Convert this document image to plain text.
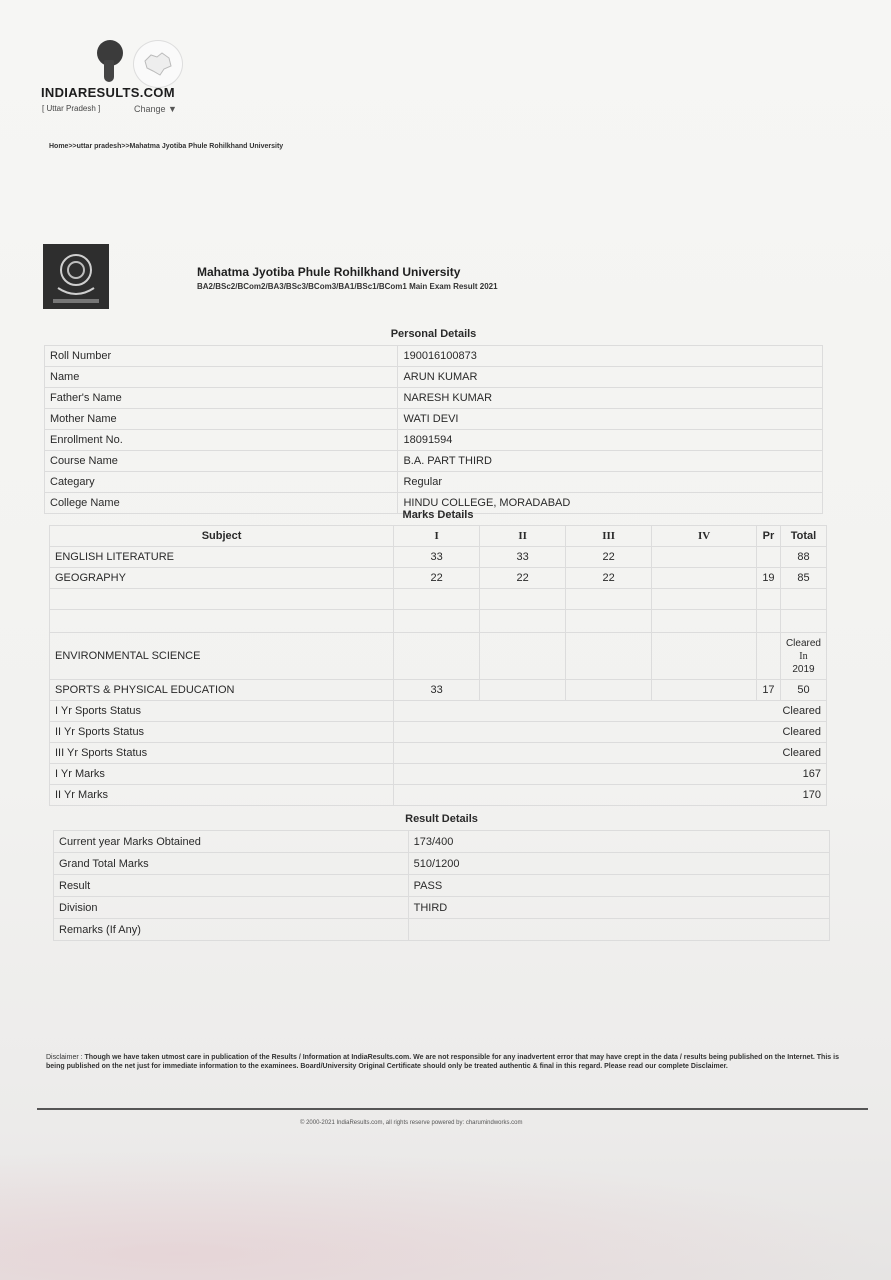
INDIARESULTS.COM
[ Uttar Pradesh ]	Change ▼
Home>>uttar pradesh>>Mahatma Jyotiba Phule Rohilkhand University
Mahatma Jyotiba Phule Rohilkhand University
BA2/BSc2/BCom2/BA3/BSc3/BCom3/BA1/BSc1/BCom1 Main Exam Result 2021
Personal Details	
Roll Number	190016100873
Name	ARUN KUMAR
Father's Name	NARESH KUMAR
Mother Name	WATI DEVI
Enrollment No.	18091594
Course Name	B.A. PART THIRD
Categary	Regular
College Name	HINDU COLLEGE, MORADABAD
Marks Details						
Subject	I	II	III	IV	Pr	Total
ENGLISH LITERATURE	33	33	22			88
GEOGRAPHY	22	22	22		19	85

ENVIRONMENTAL SCIENCE						Cleared
In
2019

SPORTS & PHYSICAL EDUCATION	33				17	50
I Yr Sports Status	Cleared					
II Yr Sports Status	Cleared					
III Yr Sports Status	Cleared					
I Yr Marks	167					
II Yr Marks	170					
Result Details	
Current year Marks Obtained	173/400
Grand Total Marks	510/1200
Result	PASS
Division	THIRD
Remarks (If Any)	
Disclaimer : Though we have taken utmost care in publication of the Results / Information at IndiaResults.com. We are not responsible for any inadvertent error that may have crept in the data / results being published on the Internet. This is being published on the net just for immediate information to the examinees. Board/University Original Certificate should only be treated authentic & final in this regard. Please read our complete Disclaimer.
© 2000-2021 IndiaResults.com, all rights reserve powered by: charumindworks.com
